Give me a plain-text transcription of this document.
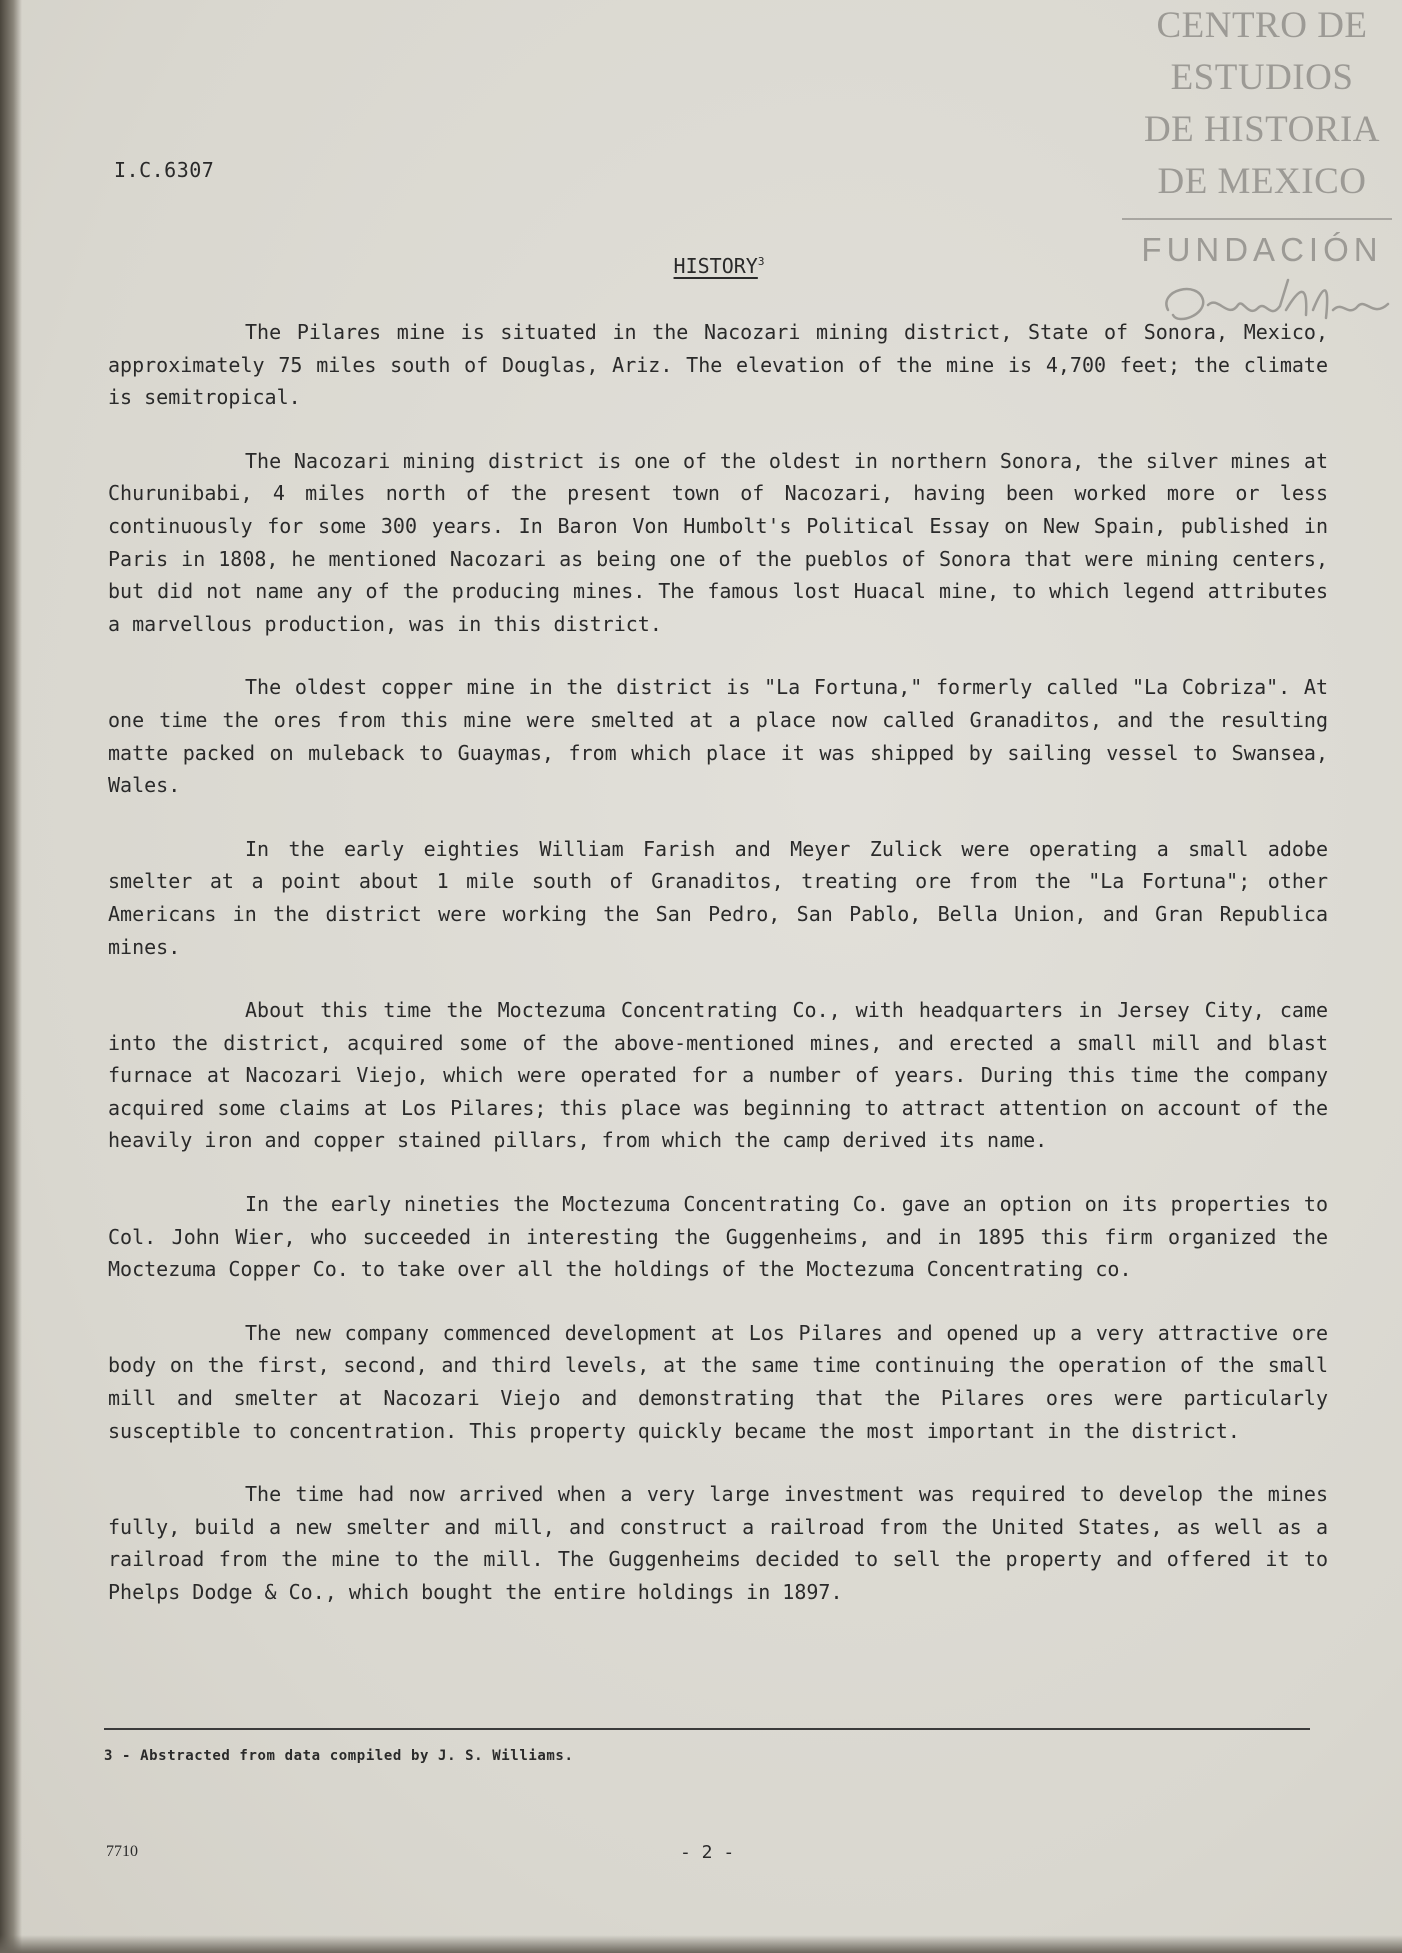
CENTRO DE
ESTUDIOS
DE HISTORIA
DE MEXICO
FUNDACIÓN
I.C.6307
HISTORY$^3$

The Pilares mine is situated in the Nacozari mining district, State of Sonora, Mexico, approximately 75 miles south of Douglas, Ariz. The elevation of the mine is 4,700 feet; the climate is semitropical.

The Nacozari mining district is one of the oldest in northern Sonora, the silver mines at Churunibabi, 4 miles north of the present town of Nacozari, having been worked more or less continuously for some 300 years. In Baron Von Humbolt's Political Essay on New Spain, published in Paris in 1808, he mentioned Nacozari as being one of the pueblos of Sonora that were mining centers, but did not name any of the producing mines. The famous lost Huacal mine, to which legend attributes a marvellous production, was in this district.

The oldest copper mine in the district is "La Fortuna," formerly called "La Cobriza". At one time the ores from this mine were smelted at a place now called Granaditos, and the resulting matte packed on muleback to Guaymas, from which place it was shipped by sailing vessel to Swansea, Wales.

In the early eighties William Farish and Meyer Zulick were operating a small adobe smelter at a point about 1 mile south of Granaditos, treating ore from the "La Fortuna"; other Americans in the district were working the San Pedro, San Pablo, Bella Union, and Gran Republica mines.

About this time the Moctezuma Concentrating Co., with headquarters in Jersey City, came into the district, acquired some of the above-mentioned mines, and erected a small mill and blast furnace at Nacozari Viejo, which were operated for a number of years. During this time the company acquired some claims at Los Pilares; this place was beginning to attract attention on account of the heavily iron and copper stained pillars, from which the camp derived its name.

In the early nineties the Moctezuma Concentrating Co. gave an option on its properties to Col. John Wier, who succeeded in interesting the Guggenheims, and in 1895 this firm organized the Moctezuma Copper Co. to take over all the holdings of the Moctezuma Concentrating co.

The new company commenced development at Los Pilares and opened up a very attractive ore body on the first, second, and third levels, at the same time continuing the operation of the small mill and smelter at Nacozari Viejo and demonstrating that the Pilares ores were particularly susceptible to concentration. This property quickly became the most important in the district.

The time had now arrived when a very large investment was required to develop the mines fully, build a new smelter and mill, and construct a railroad from the United States, as well as a railroad from the mine to the mill. The Guggenheims decided to sell the property and offered it to Phelps Dodge & Co., which bought the entire holdings in 1897.

3 - Abstracted from data compiled by J. S. Williams.
7710	- 2 -
